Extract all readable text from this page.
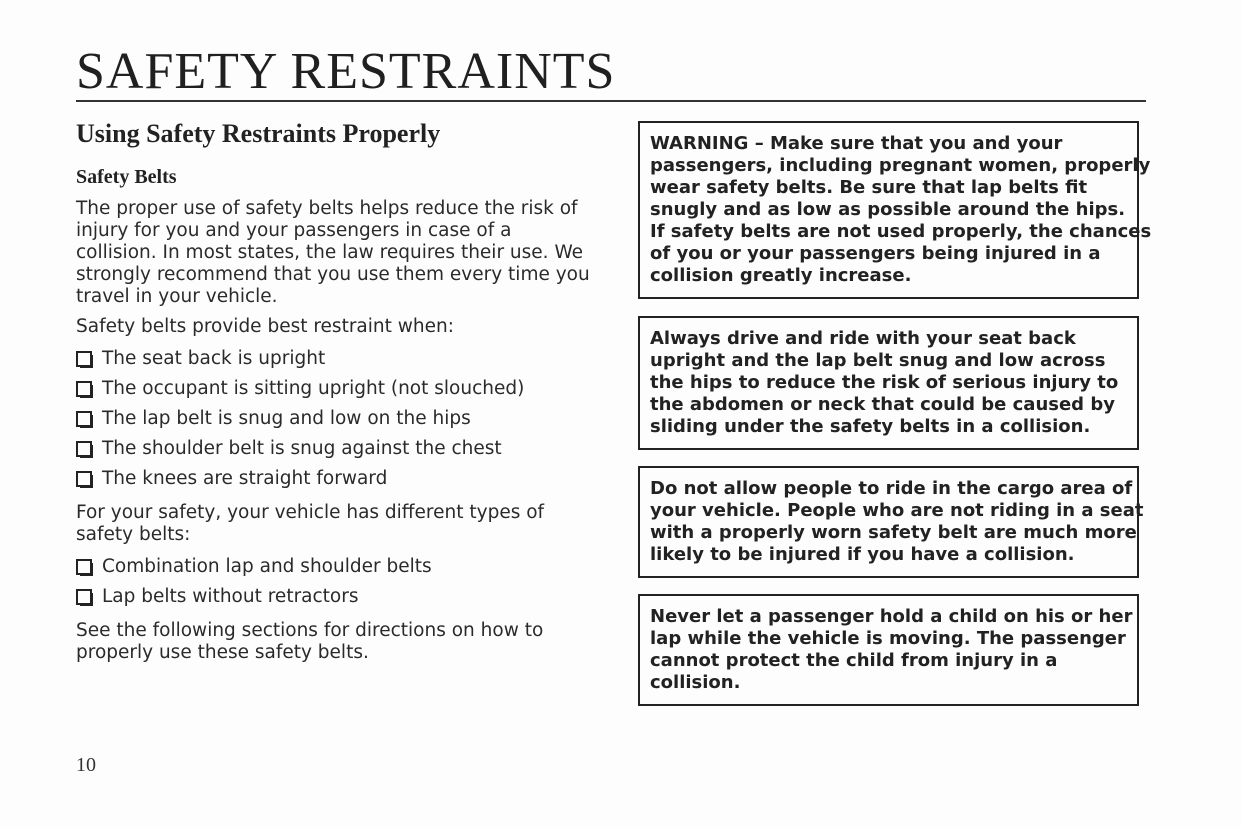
SAFETY RESTRAINTS
Using Safety Restraints Properly
Safety Belts

The proper use of safety belts helps reduce the risk of injury for you and your passengers in case of a collision. In most states, the law requires their use. We strongly recommend that you use them every time you travel in your vehicle.

Safety belts provide best restraint when:

The seat back is upright
The occupant is sitting upright (not slouched)
The lap belt is snug and low on the hips
The shoulder belt is snug against the chest
The knees are straight forward

For your safety, your vehicle has different types of safety belts:

Combination lap and shoulder belts
Lap belts without retractors

See the following sections for directions on how to properly use these safety belts.

WARNING – Make sure that you and your
passengers, including pregnant women, properly
wear safety belts. Be sure that lap belts fit
snugly and as low as possible around the hips.
If safety belts are not used properly, the chances
of you or your passengers being injured in a
collision greatly increase.
Always drive and ride with your seat back
upright and the lap belt snug and low across
the hips to reduce the risk of serious injury to
the abdomen or neck that could be caused by
sliding under the safety belts in a collision.
Do not allow people to ride in the cargo area of
your vehicle. People who are not riding in a seat
with a properly worn safety belt are much more
likely to be injured if you have a collision.
Never let a passenger hold a child on his or her
lap while the vehicle is moving. The passenger
cannot protect the child from injury in a
collision.
10
